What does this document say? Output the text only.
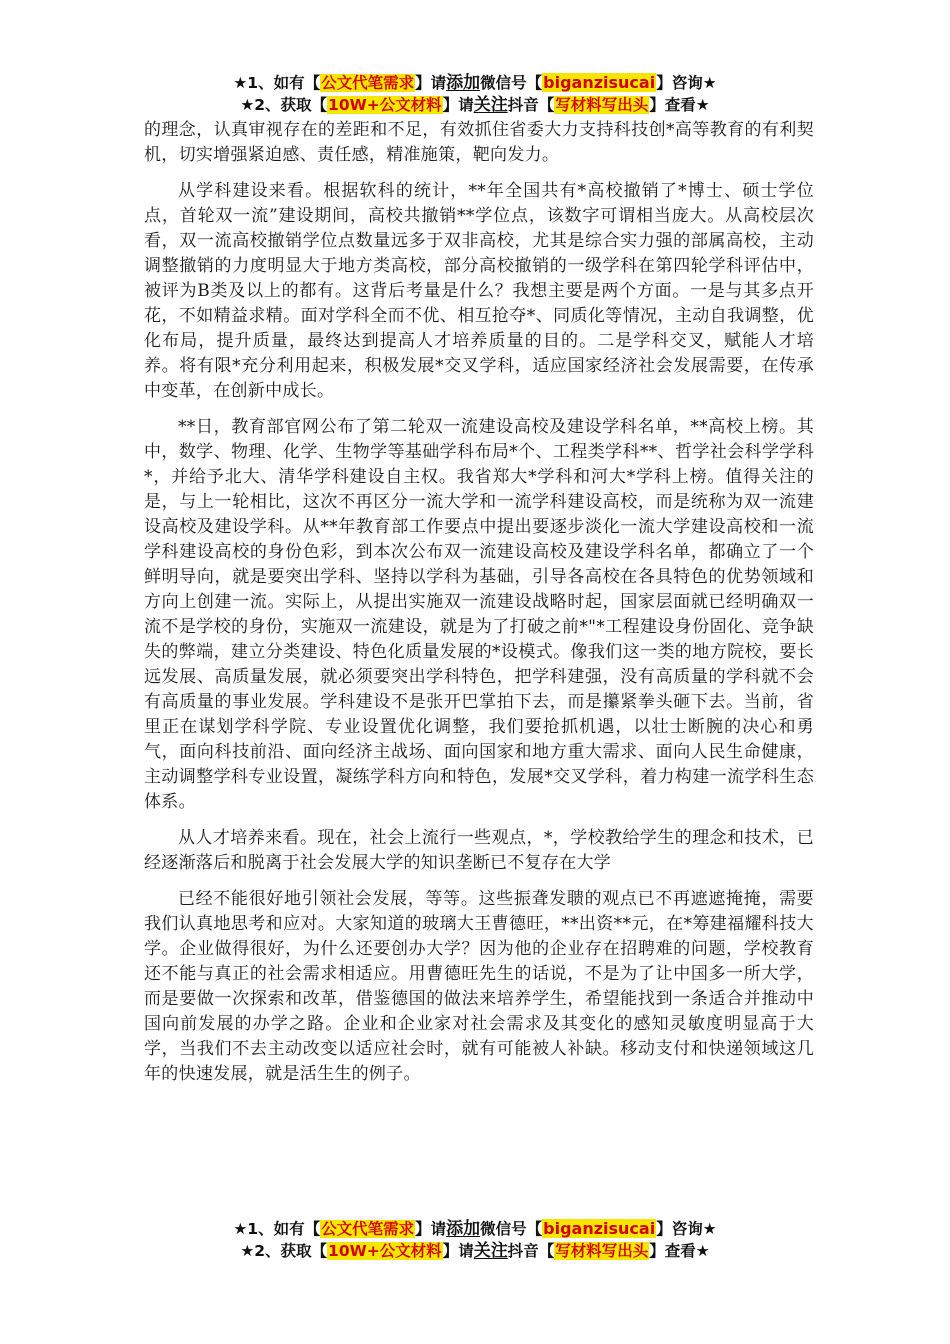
★1、如有【公文代笔需求】请添加微信号【biganzisucai】咨询★
★2、获取【10W+公文材料】请关注抖音【写材料写出头】查看★

的理念，认真审视存在的差距和不足，有效抓住省委大力支持科技创*高等教育的有利契机，切实增强紧迫感、责任感，精准施策，靶向发力。

从学科建设来看。根据软科的统计，**年全国共有*高校撤销了*博士、硕士学位点，首轮双一流”建设期间，高校共撤销**学位点，该数字可谓相当庞大。从高校层次看，双一流高校撤销学位点数量远多于双非高校，尤其是综合实力强的部属高校，主动调整撤销的力度明显大于地方类高校，部分高校撤销的一级学科在第四轮学科评估中，被评为B类及以上的都有。这背后考量是什么？我想主要是两个方面。一是与其多点开花，不如精益求精。面对学科全而不优、相互抢夺*、同质化等情况，主动自我调整，优化布局，提升质量，最终达到提高人才培养质量的目的。二是学科交叉，赋能人才培养。将有限*充分利用起来，积极发展*交叉学科，适应国家经济社会发展需要，在传承中变革，在创新中成长。

**日，教育部官网公布了第二轮双一流建设高校及建设学科名单，**高校上榜。其中，数学、物理、化学、生物学等基础学科布局*个、工程类学科**、哲学社会科学学科*，并给予北大、清华学科建设自主权。我省郑大*学科和河大*学科上榜。值得关注的是，与上一轮相比，这次不再区分一流大学和一流学科建设高校，而是统称为双一流建设高校及建设学科。从**年教育部工作要点中提出要逐步淡化一流大学建设高校和一流学科建设高校的身份色彩，到本次公布双一流建设高校及建设学科名单，都确立了一个鲜明导向，就是要突出学科、坚持以学科为基础，引导各高校在各具特色的优势领域和方向上创建一流。实际上，从提出实施双一流建设战略时起，国家层面就已经明确双一流不是学校的身份，实施双一流建设，就是为了打破之前*"*工程建设身份固化、竞争缺失的弊端，建立分类建设、特色化质量发展的*设模式。像我们这一类的地方院校，要长远发展、高质量发展，就必须要突出学科特色，把学科建强，没有高质量的学科就不会有高质量的事业发展。学科建设不是张开巴掌拍下去，而是攥紧拳头砸下去。当前，省里正在谋划学科学院、专业设置优化调整，我们要抢抓机遇，以壮士断腕的决心和勇气，面向科技前沿、面向经济主战场、面向国家和地方重大需求、面向人民生命健康，主动调整学科专业设置，凝练学科方向和特色，发展*交叉学科，着力构建一流学科生态体系。

从人才培养来看。现在，社会上流行一些观点，*，学校教给学生的理念和技术，已经逐渐落后和脱离于社会发展大学的知识垄断已不复存在大学

已经不能很好地引领社会发展，等等。这些振聋发聩的观点已不再遮遮掩掩，需要我们认真地思考和应对。大家知道的玻璃大王曹德旺，**出资**元，在*筹建福耀科技大学。企业做得很好，为什么还要创办大学？因为他的企业存在招聘难的问题，学校教育还不能与真正的社会需求相适应。用曹德旺先生的话说，不是为了让中国多一所大学，而是要做一次探索和改革，借鉴德国的做法来培养学生，希望能找到一条适合并推动中国向前发展的办学之路。企业和企业家对社会需求及其变化的感知灵敏度明显高于大学，当我们不去主动改变以适应社会时，就有可能被人补缺。移动支付和快递领域这几年的快速发展，就是活生生的例子。

★1、如有【公文代笔需求】请添加微信号【biganzisucai】咨询★
★2、获取【10W+公文材料】请关注抖音【写材料写出头】查看★
